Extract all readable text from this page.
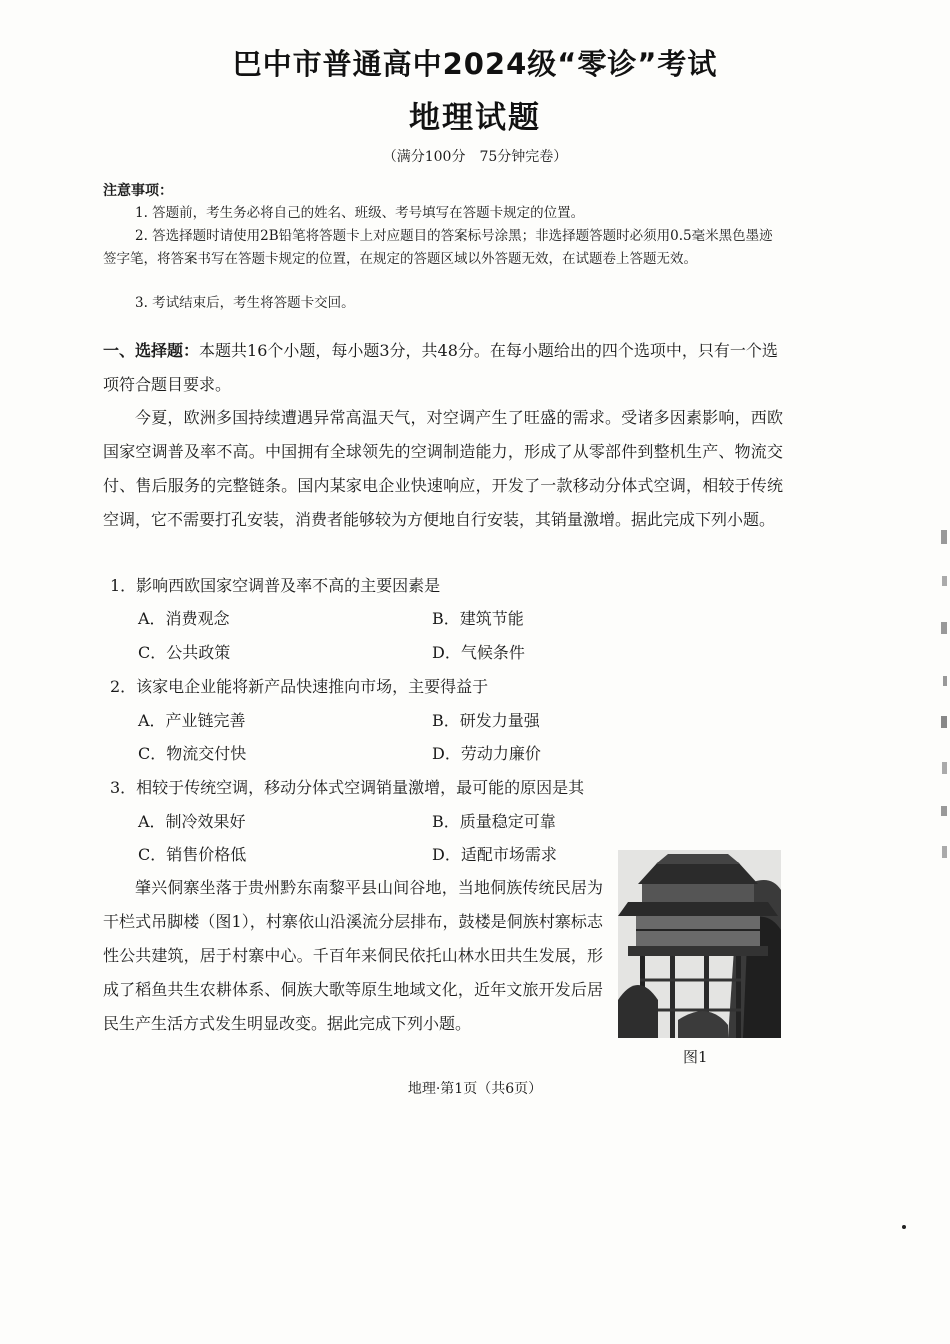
巴中市普通高中2024级“零诊”考试
地理试题
（满分100分　75分钟完卷）
注意事项：
1. 答题前，考生务必将自己的姓名、班级、考号填写在答题卡规定的位置。
2. 答选择题时请使用2B铅笔将答题卡上对应题目的答案标号涂黑；非选择题答题时必须用0.5毫米黑色墨迹签字笔，将答案书写在答题卡规定的位置，在规定的答题区域以外答题无效，在试题卷上答题无效。
3. 考试结束后，考生将答题卡交回。
一、选择题：本题共16个小题，每小题3分，共48分。在每小题给出的四个选项中，只有一个选项符合题目要求。
今夏，欧洲多国持续遭遇异常高温天气，对空调产生了旺盛的需求。受诸多因素影响，西欧国家空调普及率不高。中国拥有全球领先的空调制造能力，形成了从零部件到整机生产、物流交付、售后服务的完整链条。国内某家电企业快速响应，开发了一款移动分体式空调，相较于传统空调，它不需要打孔安装，消费者能够较为方便地自行安装，其销量激增。据此完成下列小题。
1．影响西欧国家空调普及率不高的主要因素是
A．消费观念	B．建筑节能
C．公共政策	D．气候条件
2．该家电企业能将新产品快速推向市场，主要得益于
A．产业链完善	B．研发力量强
C．物流交付快	D．劳动力廉价
3．相较于传统空调，移动分体式空调销量激增，最可能的原因是其
A．制冷效果好	B．质量稳定可靠
C．销售价格低	D．适配市场需求
肇兴侗寨坐落于贵州黔东南黎平县山间谷地，当地侗族传统民居为干栏式吊脚楼（图1），村寨依山沿溪流分层排布，鼓楼是侗族村寨标志性公共建筑，居于村寨中心。千百年来侗民依托山林水田共生发展，形成了稻鱼共生农耕体系、侗族大歌等原生地域文化，近年文旅开发后居民生产生活方式发生明显改变。据此完成下列小题。
图1
地理·第1页（共6页）
